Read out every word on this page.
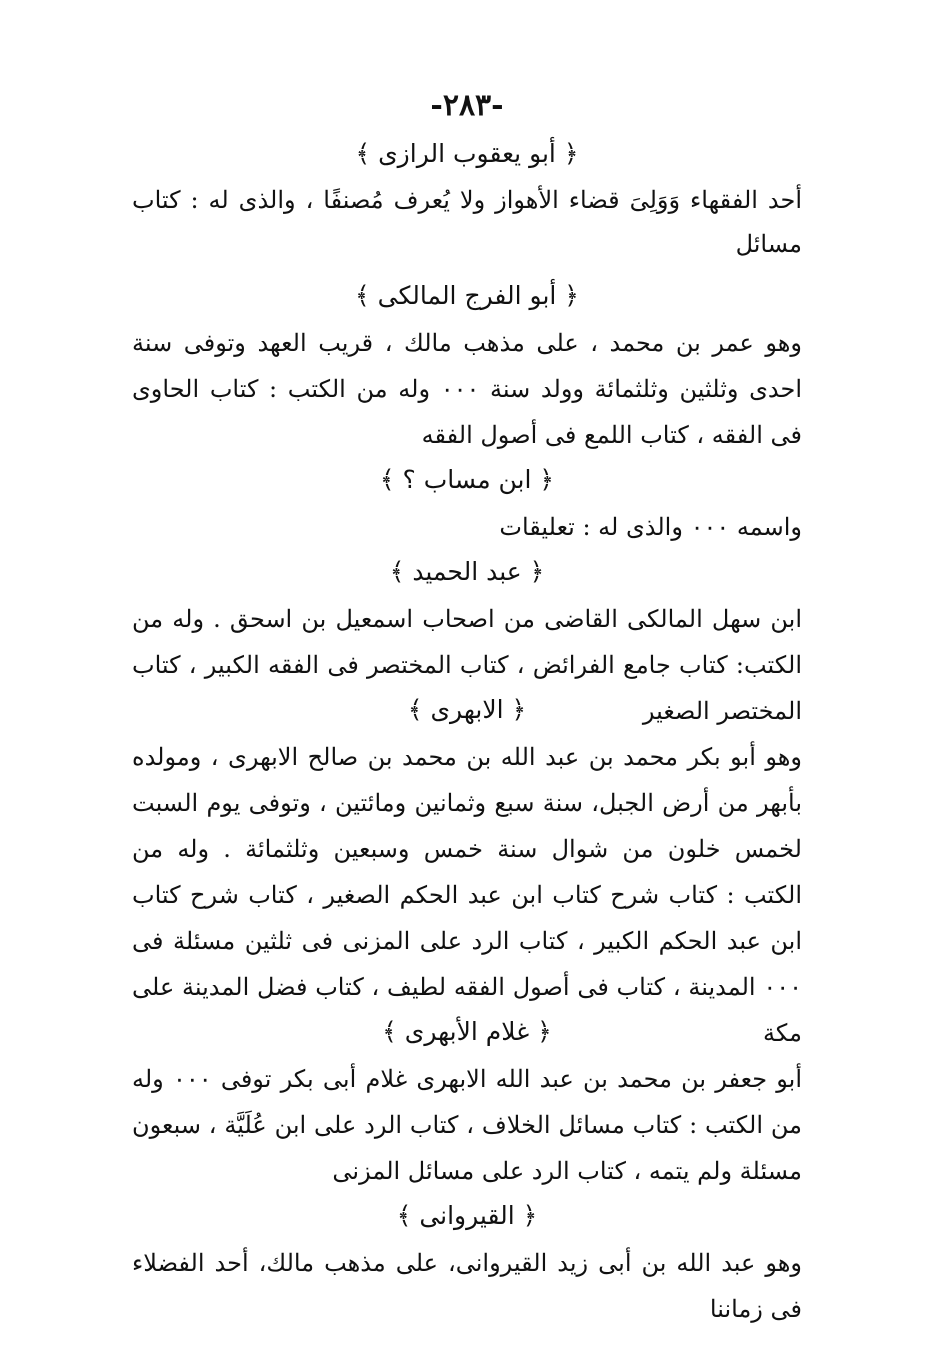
-٢٨٣-
﴿ أبو يعقوب الرازى ﴾
أحد الفقهاء وَوَلِىَ قضاء الأهواز ولا يُعرف مُصنفًا ، والذى له : كتاب مسائل
﴿ أبو الفرج المالكى ﴾
وهو عمر بن محمد ، على مذهب مالك ، قريب العهد وتوفى سنة احدى وثلثين وثلثمائة وولد سنة ٠٠٠ وله من الكتب : كتاب الحاوى فى الفقه ، كتاب اللمع فى أصول الفقه
﴿ ابن مساب ؟ ﴾
واسمه ٠٠٠ والذى له : تعليقات
﴿ عبد الحميد ﴾
ابن سهل المالكى القاضى من اصحاب اسمعيل بن اسحق . وله من الكتب: كتاب جامع الفرائض ، كتاب المختصر فى الفقه الكبير ، كتاب المختصر الصغير
﴿ الابهرى ﴾
وهو أبو بكر محمد بن عبد الله بن محمد بن صالح الابهرى ، ومولده بأبهر من أرض الجبل، سنة سبع وثمانين ومائتين ، وتوفى يوم السبت لخمس خلون من شوال سنة خمس وسبعين وثلثمائة . وله من الكتب : كتاب شرح كتاب ابن عبد الحكم الصغير ، كتاب شرح كتاب ابن عبد الحكم الكبير ، كتاب الرد على المزنى فى ثلثين مسئلة فى ٠٠٠ المدينة ، كتاب فى أصول الفقه لطيف ، كتاب فضل المدينة على مكة
﴿ غلام الأبهرى ﴾
أبو جعفر بن محمد بن عبد الله الابهرى غلام أبى بكر توفى ٠٠٠ وله من الكتب : كتاب مسائل الخلاف ، كتاب الرد على ابن عُلَيَّة ، سبعون مسئلة ولم يتمه ، كتاب الرد على مسائل المزنى
﴿ القيروانى ﴾
وهو عبد الله بن أبى زيد القيروانى، على مذهب مالك، أحد الفضلاء فى زماننا
